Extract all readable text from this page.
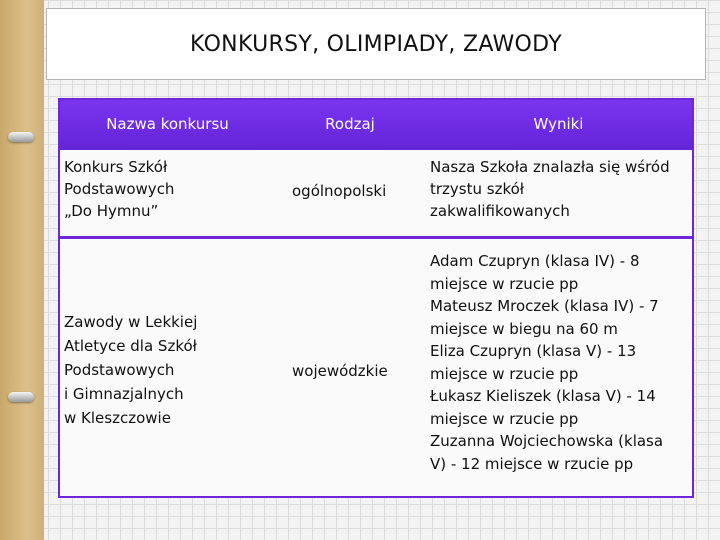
KONKURSY, OLIMPIADY, ZAWODY
Nazwa konkursu	Rodzaj	Wyniki
Konkurs Szkół
Podstawowych
„Do Hymnu”
ogólnopolski
Nasza Szkoła znalazła się wśród
trzystu szkół
zakwalifikowanych
Zawody w Lekkiej
Atletyce dla Szkół
Podstawowych
i Gimnazjalnych
w Kleszczowie
wojewódzkie
Adam Czupryn (klasa IV) - 8
miejsce w rzucie pp
Mateusz Mroczek (klasa IV) - 7
miejsce w biegu na 60 m
Eliza Czupryn (klasa V) - 13
miejsce w rzucie pp
Łukasz Kieliszek (klasa V) - 14
miejsce w rzucie pp
Zuzanna Wojciechowska (klasa
V) - 12 miejsce w rzucie pp
